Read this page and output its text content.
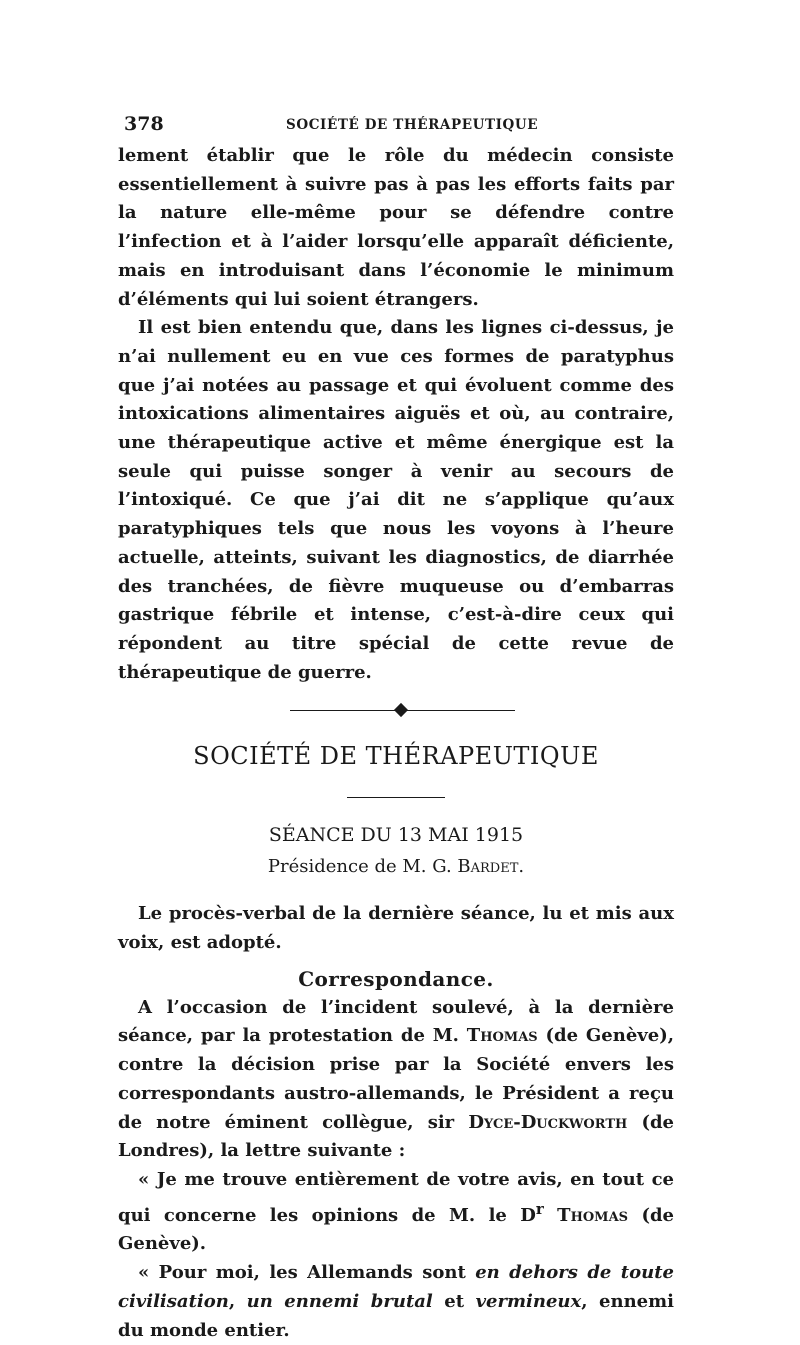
378	SOCIÉTÉ DE THÉRAPEUTIQUE

lement établir que le rôle du médecin consiste essentiellement à suivre pas à pas les efforts faits par la nature elle-même pour se défendre contre l’infection et à l’aider lorsqu’elle apparaît déficiente, mais en introduisant dans l’économie le minimum d’éléments qui lui soient étrangers.

Il est bien entendu que, dans les lignes ci-dessus, je n’ai nullement eu en vue ces formes de paratyphus que j’ai notées au passage et qui évoluent comme des intoxications alimentaires aiguës et où, au contraire, une thérapeutique active et même énergique est la seule qui puisse songer à venir au secours de l’intoxiqué. Ce que j’ai dit ne s’applique qu’aux paratyphiques tels que nous les voyons à l’heure actuelle, atteints, suivant les diagnostics, de diarrhée des tranchées, de fièvre muqueuse ou d’embarras gastrique fébrile et intense, c’est-à-dire ceux qui répondent au titre spécial de cette revue de thérapeutique de guerre.

SOCIÉTÉ DE THÉRAPEUTIQUE
SÉANCE DU 13 MAI 1915
Présidence de M. G. Bardet.

Le procès-verbal de la dernière séance, lu et mis aux voix, est adopté.

Correspondance.

A l’occasion de l’incident soulevé, à la dernière séance, par la protestation de M. Thomas (de Genève), contre la décision prise par la Société envers les correspondants austro-allemands, le Président a reçu de notre éminent collègue, sir Dyce-Duckworth (de Londres), la lettre suivante :

« Je me trouve entièrement de votre avis, en tout ce qui concerne les opinions de M. le $D^r$ Thomas (de Genève).

« Pour moi, les Allemands sont en dehors de toute civilisation, un ennemi brutal et vermineux, ennemi du monde entier.
